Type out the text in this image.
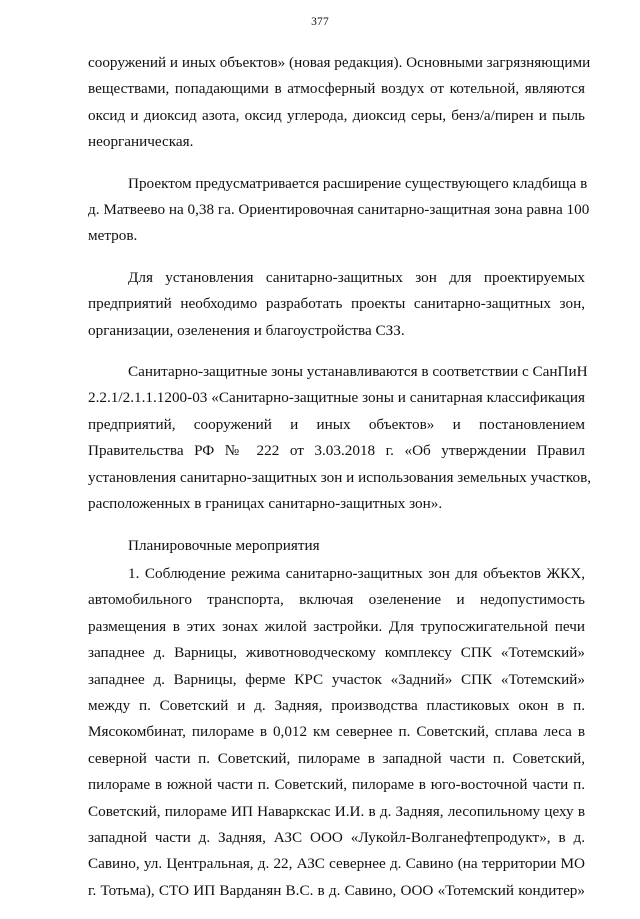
377

сооружений и иных объектов» (новая редакция). Основными загрязняющими
веществами, попадающими в атмосферный воздух от котельной, являются
оксид и диоксид азота, оксид углерода, диоксид серы, бенз/а/пирен и пыль
неорганическая.

Проектом предусматривается расширение существующего кладбища в
д. Матвеево на 0,38 га. Ориентировочная санитарно-защитная зона равна 100
метров.

Для установления санитарно-защитных зон для проектируемых
предприятий необходимо разработать проекты санитарно-защитных зон,
организации, озеленения и благоустройства СЗЗ.

Санитарно-защитные зоны устанавливаются в соответствии с СанПиН
2.2.1/2.1.1.1200-03 «Санитарно-защитные зоны и санитарная классификация
предприятий, сооружений и иных объектов» и постановлением
Правительства РФ № 222 от 3.03.2018 г. «Об утверждении Правил
установления санитарно-защитных зон и использования земельных участков,
расположенных в границах санитарно-защитных зон».

Планировочные мероприятия

1. Соблюдение режима санитарно-защитных зон для объектов ЖКХ,
автомобильного транспорта, включая озеленение и недопустимость
размещения в этих зонах жилой застройки. Для трупосжигательной печи
западнее д. Варницы, животноводческому комплексу СПК «Тотемский»
западнее д. Варницы, ферме КРС участок «Задний» СПК «Тотемский»
между п. Советский и д. Задняя, производства пластиковых окон в п.
Мясокомбинат, пилораме в 0,012 км севернее п. Советский, сплава леса в
северной части п. Советский, пилораме в западной части п. Советский,
пилораме в южной части п. Советский, пилораме в юго-восточной части п.
Советский, пилораме ИП Наваркскас И.И. в д. Задняя, лесопильному цеху в
западной части д. Задняя, АЗС ООО «Лукойл-Волганефтепродукт», в д.
Савино, ул. Центральная, д. 22, АЗС севернее д. Савино (на территории МО
г. Тотьма), СТО ИП Варданян В.С. в д. Савино, ООО «Тотемский кондитер»
